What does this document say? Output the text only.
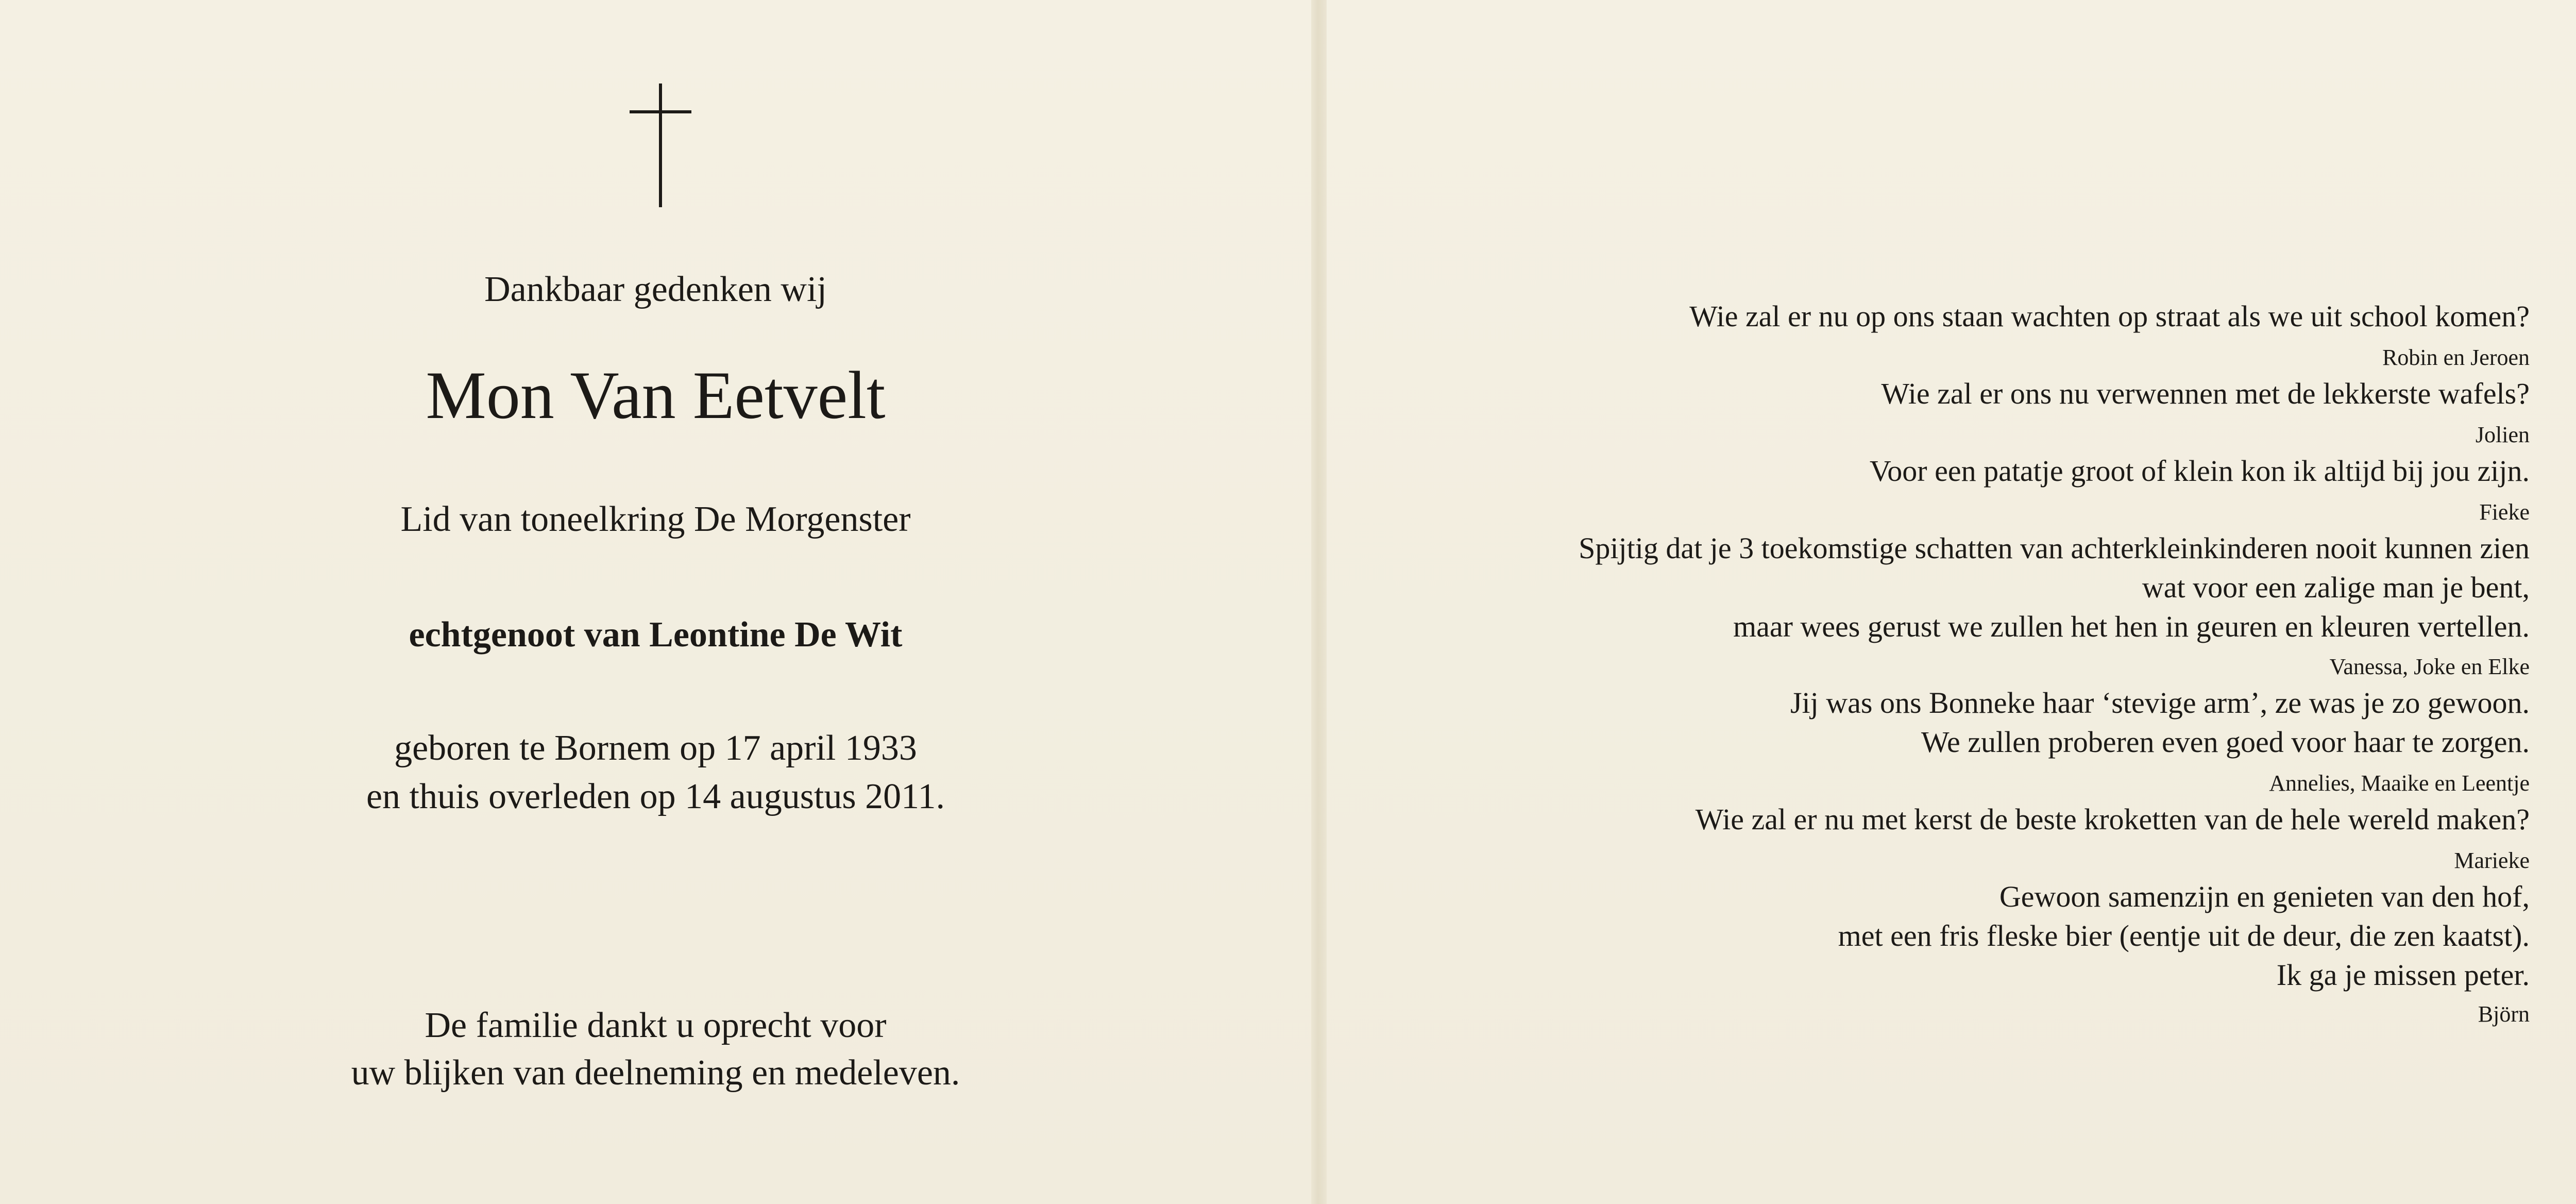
Dankbaar gedenken wij
Mon Van Eetvelt
Lid van toneelkring De Morgenster
echtgenoot van Leontine De Wit
geboren te Bornem op 17 april 1933
en thuis overleden op 14 augustus 2011.
De familie dankt u oprecht voor
uw blijken van deelneming en medeleven.
Wie zal er nu op ons staan wachten op straat als we uit school komen?
Robin en Jeroen
Wie zal er ons nu verwennen met de lekkerste wafels?
Jolien
Voor een patatje groot of klein kon ik altijd bij jou zijn.
Fieke
Spijtig dat je 3 toekomstige schatten van achterkleinkinderen nooit kunnen zien
wat voor een zalige man je bent,
maar wees gerust we zullen het hen in geuren en kleuren vertellen.
Vanessa, Joke en Elke
Jij was ons Bonneke haar ‘stevige arm’, ze was je zo gewoon.
We zullen proberen even goed voor haar te zorgen.
Annelies, Maaike en Leentje
Wie zal er nu met kerst de beste kroketten van de hele wereld maken?
Marieke
Gewoon samenzijn en genieten van den hof,
met een fris fleske bier (eentje uit de deur, die zen kaatst).
Ik ga je missen peter.
Björn
